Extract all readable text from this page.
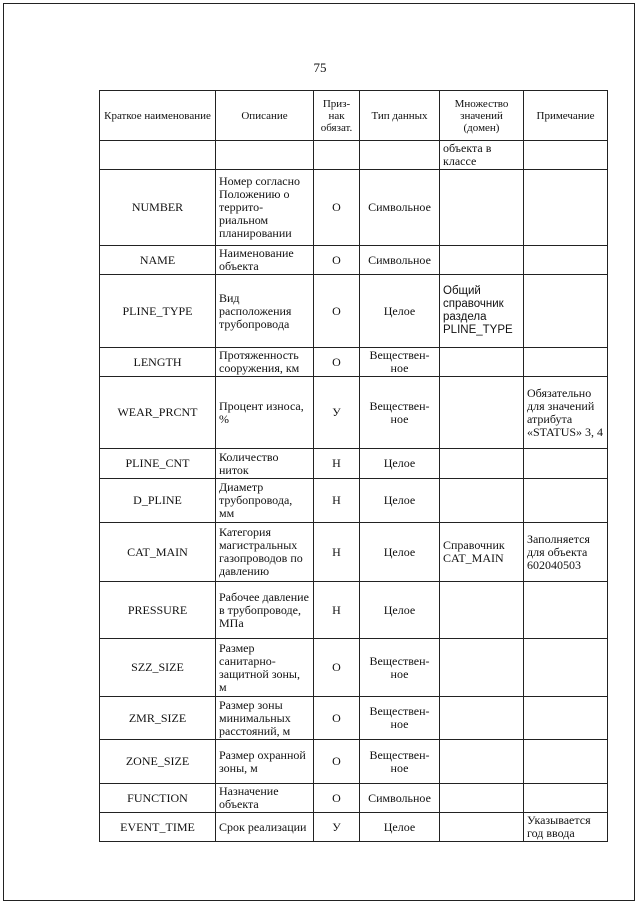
75
Краткое наименование	Описание	Приз-нак обязат.	Тип данных	Множество значений (домен)	Примечание
				объекта в классе	
NUMBER	Номер согласно Положению о террито-риальном планировании	О	Символьное		
NAME	Наименование объекта	О	Символьное		
PLINE_TYPE	Вид расположения трубопровода	О	Целое	Общий справочник раздела PLINE_TYPE	
LENGTH	Протяженность сооружения, км	О	Веществен-ное		
WEAR_PRCNT	Процент износа, %	У	Веществен-ное		Обязательно для значений атрибута «STATUS» 3, 4
PLINE_CNT	Количество ниток	Н	Целое		
D_PLINE	Диаметр трубопровода, мм	Н	Целое		
CAT_MAIN	Категория магистральных газопроводов по давлению	Н	Целое	Справочник CAT_MAIN	Заполняется для объекта 602040503
PRESSURE	Рабочее давление в трубопроводе, МПа	Н	Целое		
SZZ_SIZE	Размер санитарно-защитной зоны, м	О	Веществен-ное		
ZMR_SIZE	Размер зоны минимальных расстояний, м	О	Веществен-ное		
ZONE_SIZE	Размер охранной зоны, м	О	Веществен-ное		
FUNCTION	Назначение объекта	О	Символьное		
EVENT_TIME	Срок реализации	У	Целое		Указывается год ввода
